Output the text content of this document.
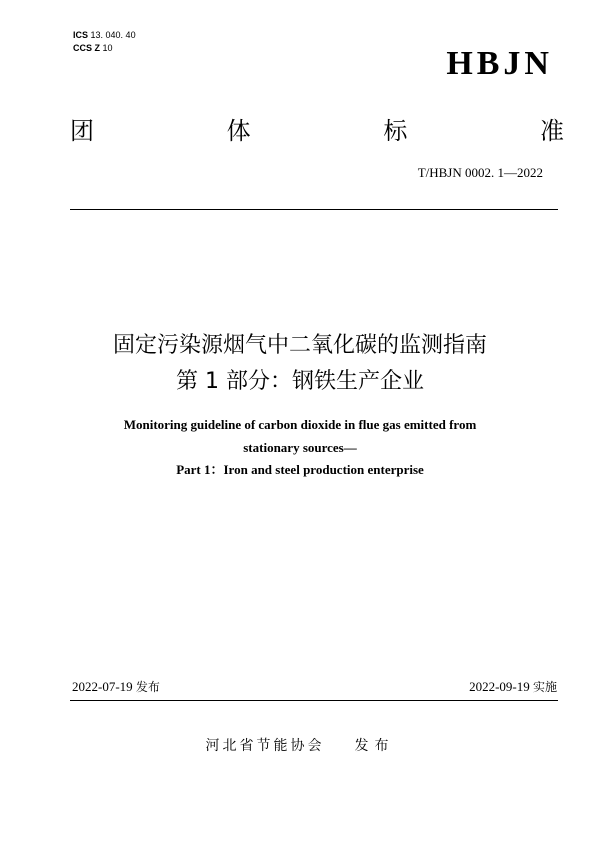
ICS 13. 040. 40
CCS Z 10	HBJN
团	体	标	准
T/HBJN 0002. 1—2022
固定污染源烟气中二氧化碳的监测指南
第 1 部分：钢铁生产企业
Monitoring guideline of carbon dioxide in flue gas emitted from
stationary sources—
Part 1：Iron and steel production enterprise
2022-07-19 发布	2022-09-19 实施
河北省节能协会 发布
